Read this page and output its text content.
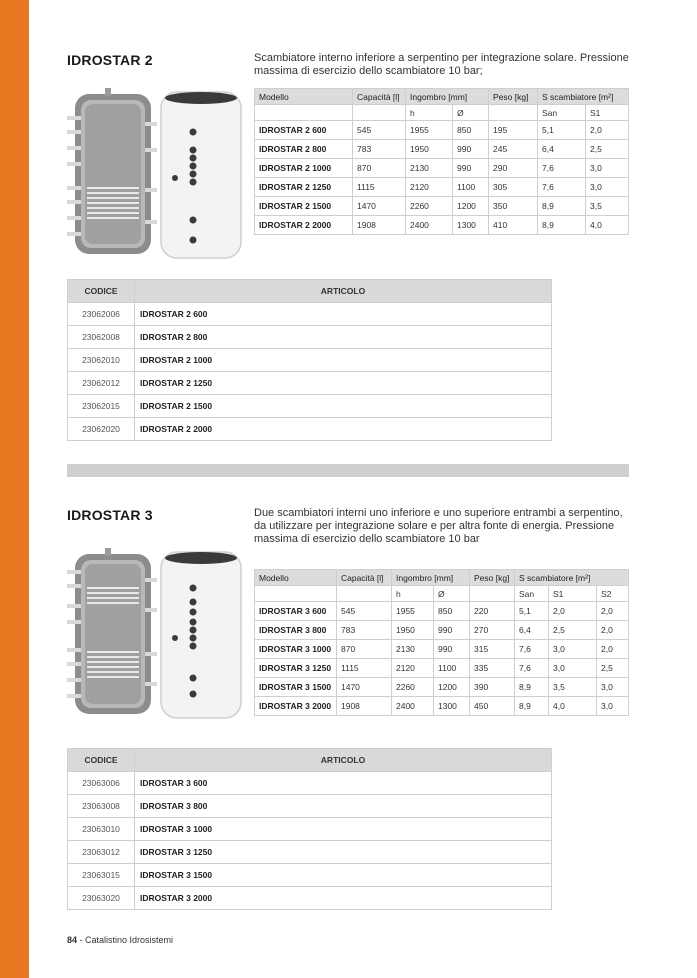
IDROSTAR 2	Scambiatore interno inferiore a serpentino per integrazione solare. Pressione massima di esercizio dello scambiatore 10 bar;
Modello	Capacità [l]	Ingombro [mm]		Peso [kg]	S scambiatore [m²]	
		h	Ø		San	S1
IDROSTAR 2 600	545	1955	850	195	5,1	2,0
IDROSTAR 2 800	783	1950	990	245	6,4	2,5
IDROSTAR 2 1000	870	2130	990	290	7,6	3,0
IDROSTAR 2 1250	1115	2120	1100	305	7,6	3,0
IDROSTAR 2 1500	1470	2260	1200	350	8,9	3,5
IDROSTAR 2 2000	1908	2400	1300	410	8,9	4,0
CODICE	ARTICOLO
23062006	IDROSTAR 2 600
23062008	IDROSTAR 2 800
23062010	IDROSTAR 2 1000
23062012	IDROSTAR 2 1250
23062015	IDROSTAR 2 1500
23062020	IDROSTAR 2 2000
IDROSTAR 3	Due scambiatori interni uno inferiore e uno superiore entrambi a serpentino, da utilizzare per integrazione solare e per altra fonte di energia. Pressione massima di esercizio dello scambiatore 10 bar
Modello	Capacità [l]	Ingombro [mm]		Peso [kg]	S scambiatore [m²]		
		h	Ø		San	S1	S2
IDROSTAR 3 600	545	1955	850	220	5,1	2,0	2,0
IDROSTAR 3 800	783	1950	990	270	6,4	2,5	2,0
IDROSTAR 3 1000	870	2130	990	315	7,6	3,0	2,0
IDROSTAR 3 1250	1115	2120	1100	335	7,6	3,0	2,5
IDROSTAR 3 1500	1470	2260	1200	390	8,9	3,5	3,0
IDROSTAR 3 2000	1908	2400	1300	450	8,9	4,0	3,0
CODICE	ARTICOLO
23063006	IDROSTAR 3 600
23063008	IDROSTAR 3 800
23063010	IDROSTAR 3 1000
23063012	IDROSTAR 3 1250
23063015	IDROSTAR 3 1500
23063020	IDROSTAR 3 2000
84 - Catalistino Idrosistemi
